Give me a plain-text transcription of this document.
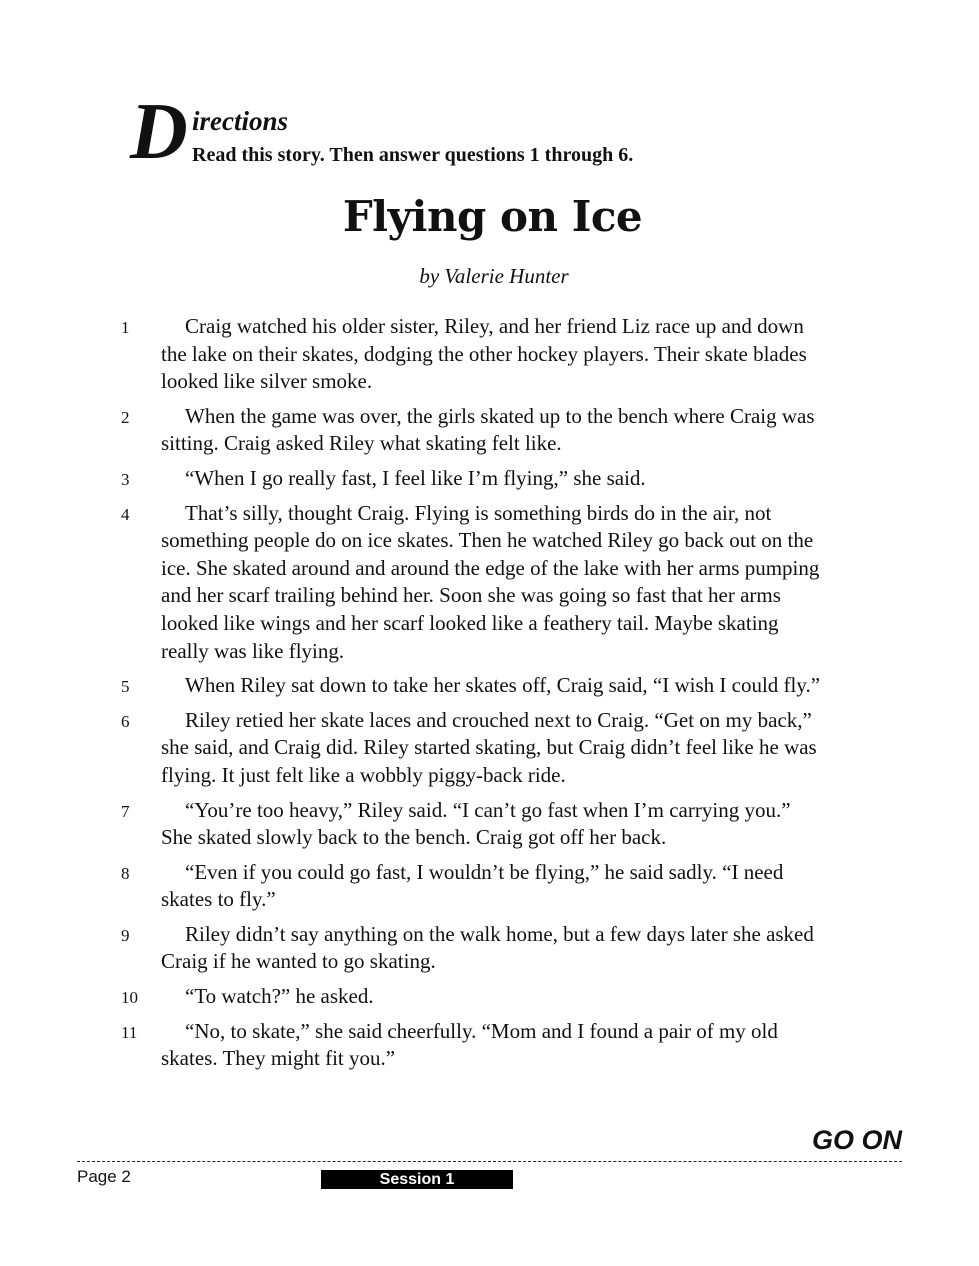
D irections
Read this story. Then answer questions 1 through 6.
Flying on Ice
by Valerie Hunter
1	Craig watched his older sister, Riley, and her friend Liz race up and down the lake on their skates, dodging the other hockey players. Their skate blades looked like silver smoke.
2	When the game was over, the girls skated up to the bench where Craig was sitting. Craig asked Riley what skating felt like.
3	“When I go really fast, I feel like I’m flying,” she said.
4	That’s silly, thought Craig. Flying is something birds do in the air, not something people do on ice skates. Then he watched Riley go back out on the ice. She skated around and around the edge of the lake with her arms pumping and her scarf trailing behind her. Soon she was going so fast that her arms looked like wings and her scarf looked like a feathery tail. Maybe skating really was like flying.
5	When Riley sat down to take her skates off, Craig said, “I wish I could fly.”
6	Riley retied her skate laces and crouched next to Craig. “Get on my back,” she said, and Craig did. Riley started skating, but Craig didn’t feel like he was flying. It just felt like a wobbly piggy-back ride.
7	“You’re too heavy,” Riley said. “I can’t go fast when I’m carrying you.” She skated slowly back to the bench. Craig got off her back.
8	“Even if you could go fast, I wouldn’t be flying,” he said sadly. “I need skates to fly.”
9	Riley didn’t say anything on the walk home, but a few days later she asked Craig if he wanted to go skating.
10	“To watch?” he asked.
11	“No, to skate,” she said cheerfully. “Mom and I found a pair of my old skates. They might fit you.”
GO ON
Page 2	Session 1
